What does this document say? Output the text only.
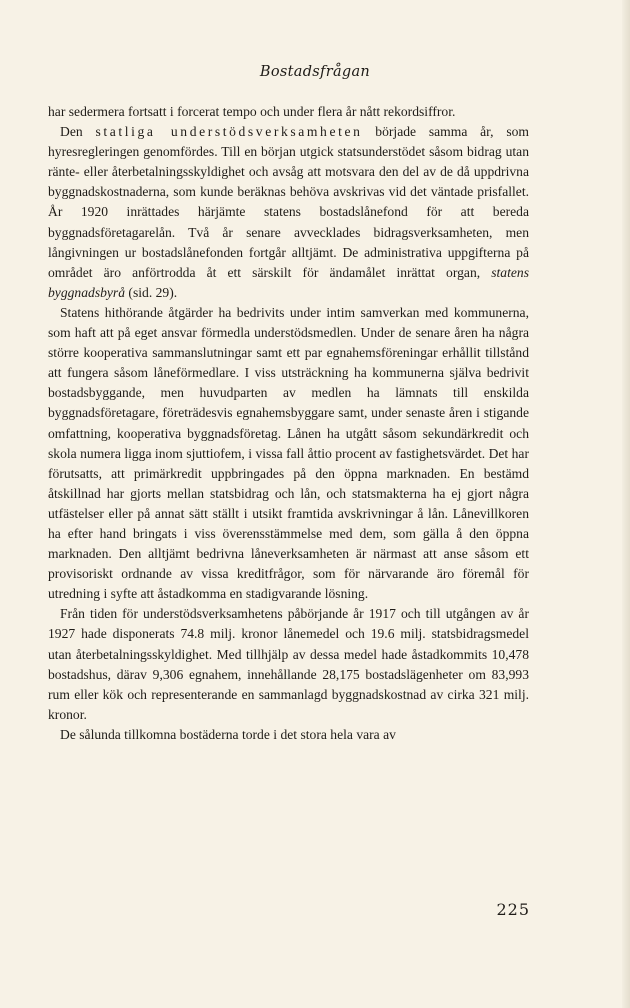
Bostadsfrågan

har sedermera fortsatt i forcerat tempo och under flera år nått rekordsiffror.

Den statliga understödsverksamheten började samma år, som hyresregleringen genomfördes. Till en början utgick statsunderstödet såsom bidrag utan ränte- eller återbetalningsskyldighet och avsåg att motsvara den del av de då uppdrivna byggnadskostnaderna, som kunde beräknas behöva avskrivas vid det väntade prisfallet. År 1920 inrättades härjämte statens bostadslånefond för att bereda byggnadsföretagarelån. Två år senare avvecklades bidragsverksamheten, men långivningen ur bostadslånefonden fortgår alltjämt. De administrativa uppgifterna på området äro anförtrodda åt ett särskilt för ändamålet inrättat organ, statens byggnadsbyrå (sid. 29).

Statens hithörande åtgärder ha bedrivits under intim samverkan med kommunerna, som haft att på eget ansvar förmedla understödsmedlen. Under de senare åren ha några större kooperativa sammanslutningar samt ett par egnahemsföreningar erhållit tillstånd att fungera såsom låneförmedlare. I viss utsträckning ha kommunerna själva bedrivit bostadsbyggande, men huvudparten av medlen ha lämnats till enskilda byggnadsföretagare, företrädesvis egnahemsbyggare samt, under senaste åren i stigande omfattning, kooperativa byggnadsföretag. Lånen ha utgått såsom sekundärkredit och skola numera ligga inom sjuttiofem, i vissa fall åttio procent av fastighetsvärdet. Det har förutsatts, att primärkredit uppbringades på den öppna marknaden. En bestämd åtskillnad har gjorts mellan statsbidrag och lån, och statsmakterna ha ej gjort några utfästelser eller på annat sätt ställt i utsikt framtida avskrivningar å lån. Lånevillkoren ha efter hand bringats i viss överensstämmelse med dem, som gälla å den öppna marknaden. Den alltjämt bedrivna låneverksamheten är närmast att anse såsom ett provisoriskt ordnande av vissa kreditfrågor, som för närvarande äro föremål för utredning i syfte att åstadkomma en stadigvarande lösning.

Från tiden för understödsverksamhetens påbörjande år 1917 och till utgången av år 1927 hade disponerats 74.8 milj. kronor lånemedel och 19.6 milj. statsbidragsmedel utan återbetalningsskyldighet. Med tillhjälp av dessa medel hade åstadkommits 10,478 bostadshus, därav 9,306 egnahem, innehållande 28,175 bostadslägenheter om 83,993 rum eller kök och representerande en sammanlagd byggnadskostnad av cirka 321 milj. kronor.

De sålunda tillkomna bostäderna torde i det stora hela vara av

225
